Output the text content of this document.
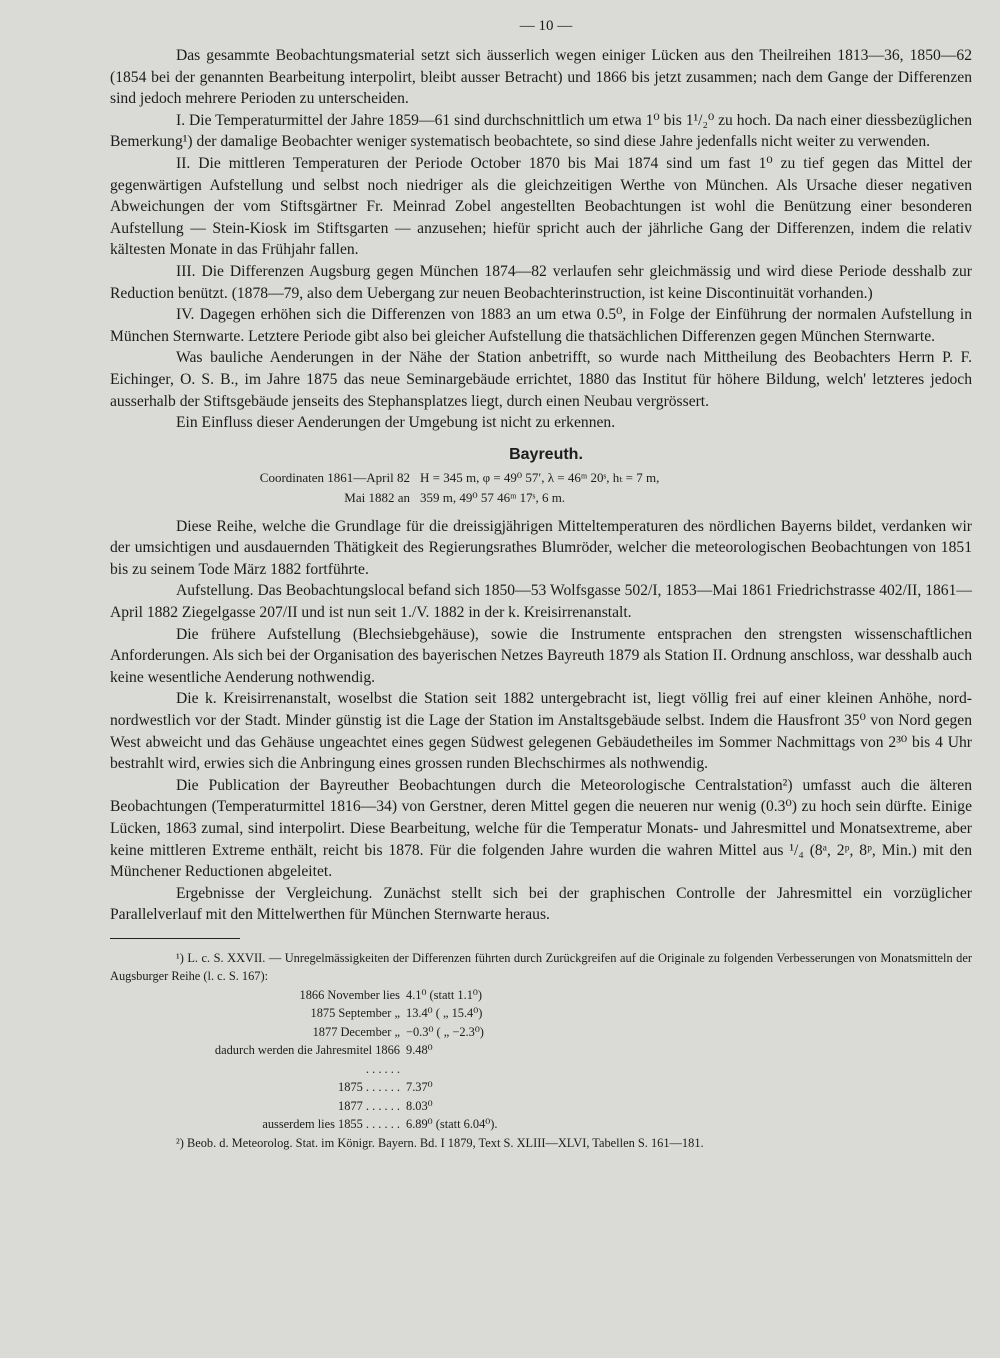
— 10 —

Das gesammte Beobachtungsmaterial setzt sich äusserlich wegen einiger Lücken aus den Theilreihen 1813—36, 1850—62 (1854 bei der genannten Bearbeitung interpolirt, bleibt ausser Betracht) und 1866 bis jetzt zusammen; nach dem Gange der Differenzen sind jedoch mehrere Perioden zu unterscheiden.

I. Die Temperaturmittel der Jahre 1859—61 sind durchschnittlich um etwa 1⁰ bis 1¹/₂⁰ zu hoch. Da nach einer diessbezüglichen Bemerkung¹) der damalige Beobachter weniger systematisch beobachtete, so sind diese Jahre jedenfalls nicht weiter zu verwenden.

II. Die mittleren Temperaturen der Periode October 1870 bis Mai 1874 sind um fast 1⁰ zu tief gegen das Mittel der gegenwärtigen Aufstellung und selbst noch niedriger als die gleichzeitigen Werthe von München. Als Ursache dieser negativen Abweichungen der vom Stiftsgärtner Fr. Meinrad Zobel angestellten Beobachtungen ist wohl die Benützung einer besonderen Aufstellung — Stein-Kiosk im Stiftsgarten — anzusehen; hiefür spricht auch der jährliche Gang der Differenzen, indem die relativ kältesten Monate in das Frühjahr fallen.

III. Die Differenzen Augsburg gegen München 1874—82 verlaufen sehr gleichmässig und wird diese Periode desshalb zur Reduction benützt. (1878—79, also dem Uebergang zur neuen Beobachterinstruction, ist keine Discontinuität vorhanden.)

IV. Dagegen erhöhen sich die Differenzen von 1883 an um etwa 0.5⁰, in Folge der Einführung der normalen Aufstellung in München Sternwarte. Letztere Periode gibt also bei gleicher Aufstellung die thatsächlichen Differenzen gegen München Sternwarte.

Was bauliche Aenderungen in der Nähe der Station anbetrifft, so wurde nach Mittheilung des Beobachters Herrn P. F. Eichinger, O. S. B., im Jahre 1875 das neue Seminargebäude errichtet, 1880 das Institut für höhere Bildung, welch' letzteres jedoch ausserhalb der Stiftsgebäude jenseits des Stephansplatzes liegt, durch einen Neubau vergrössert.

Ein Einfluss dieser Aenderungen der Umgebung ist nicht zu erkennen.

Bayreuth.
Coordinaten 1861—April 82 H = 345 m, φ = 49⁰ 57′, λ = 46ᵐ 20ˢ, hₜ = 7 m,
Mai 1882 an 359 m, 49⁰ 57 46ᵐ 17ˢ, 6 m.

Diese Reihe, welche die Grundlage für die dreissigjährigen Mitteltemperaturen des nördlichen Bayerns bildet, verdanken wir der umsichtigen und ausdauernden Thätigkeit des Regierungsrathes Blumröder, welcher die meteorologischen Beobachtungen von 1851 bis zu seinem Tode März 1882 fortführte.

Aufstellung. Das Beobachtungslocal befand sich 1850—53 Wolfsgasse 502/I, 1853—Mai 1861 Friedrichstrasse 402/II, 1861—April 1882 Ziegelgasse 207/II und ist nun seit 1./V. 1882 in der k. Kreisirrenanstalt.

Die frühere Aufstellung (Blechsiebgehäuse), sowie die Instrumente entsprachen den strengsten wissenschaftlichen Anforderungen. Als sich bei der Organisation des bayerischen Netzes Bayreuth 1879 als Station II. Ordnung anschloss, war desshalb auch keine wesentliche Aenderung nothwendig.

Die k. Kreisirrenanstalt, woselbst die Station seit 1882 untergebracht ist, liegt völlig frei auf einer kleinen Anhöhe, nord-nordwestlich vor der Stadt. Minder günstig ist die Lage der Station im Anstaltsgebäude selbst. Indem die Hausfront 35⁰ von Nord gegen West abweicht und das Gehäuse ungeachtet eines gegen Südwest gelegenen Gebäudetheiles im Sommer Nachmittags von 2³⁰ bis 4 Uhr bestrahlt wird, erwies sich die Anbringung eines grossen runden Blechschirmes als nothwendig.

Die Publication der Bayreuther Beobachtungen durch die Meteorologische Centralstation²) umfasst auch die älteren Beobachtungen (Temperaturmittel 1816—34) von Gerstner, deren Mittel gegen die neueren nur wenig (0.3⁰) zu hoch sein dürfte. Einige Lücken, 1863 zumal, sind interpolirt. Diese Bearbeitung, welche für die Temperatur Monats- und Jahresmittel und Monatsextreme, aber keine mittleren Extreme enthält, reicht bis 1878. Für die folgenden Jahre wurden die wahren Mittel aus ¹/₄ (8ᵃ, 2ᵖ, 8ᵖ, Min.) mit den Münchener Reductionen abgeleitet.

Ergebnisse der Vergleichung. Zunächst stellt sich bei der graphischen Controlle der Jahresmittel ein vorzüglicher Parallelverlauf mit den Mittelwerthen für München Sternwarte heraus.

¹) L. c. S. XXVII. — Unregelmässigkeiten der Differenzen führten durch Zurückgreifen auf die Originale zu folgenden Verbesserungen von Monatsmitteln der Augsburger Reihe (l. c. S. 167):

1866 November lies 4.1⁰ (statt 1.1⁰)
1875 September „ 13.4⁰ ( „ 15.4⁰)
1877 December „ −0.3⁰ ( „ −2.3⁰)
dadurch werden die Jahresmitel 1866 . . . . . .
9.48⁰
1875 . . . . . . 7.37⁰
1877 . . . . . . 8.03⁰
ausserdem lies 1855 . . . . . . 6.89⁰ (statt 6.04⁰).

²) Beob. d. Meteorolog. Stat. im Königr. Bayern. Bd. I 1879, Text S. XLIII—XLVI, Tabellen S. 161—181.
